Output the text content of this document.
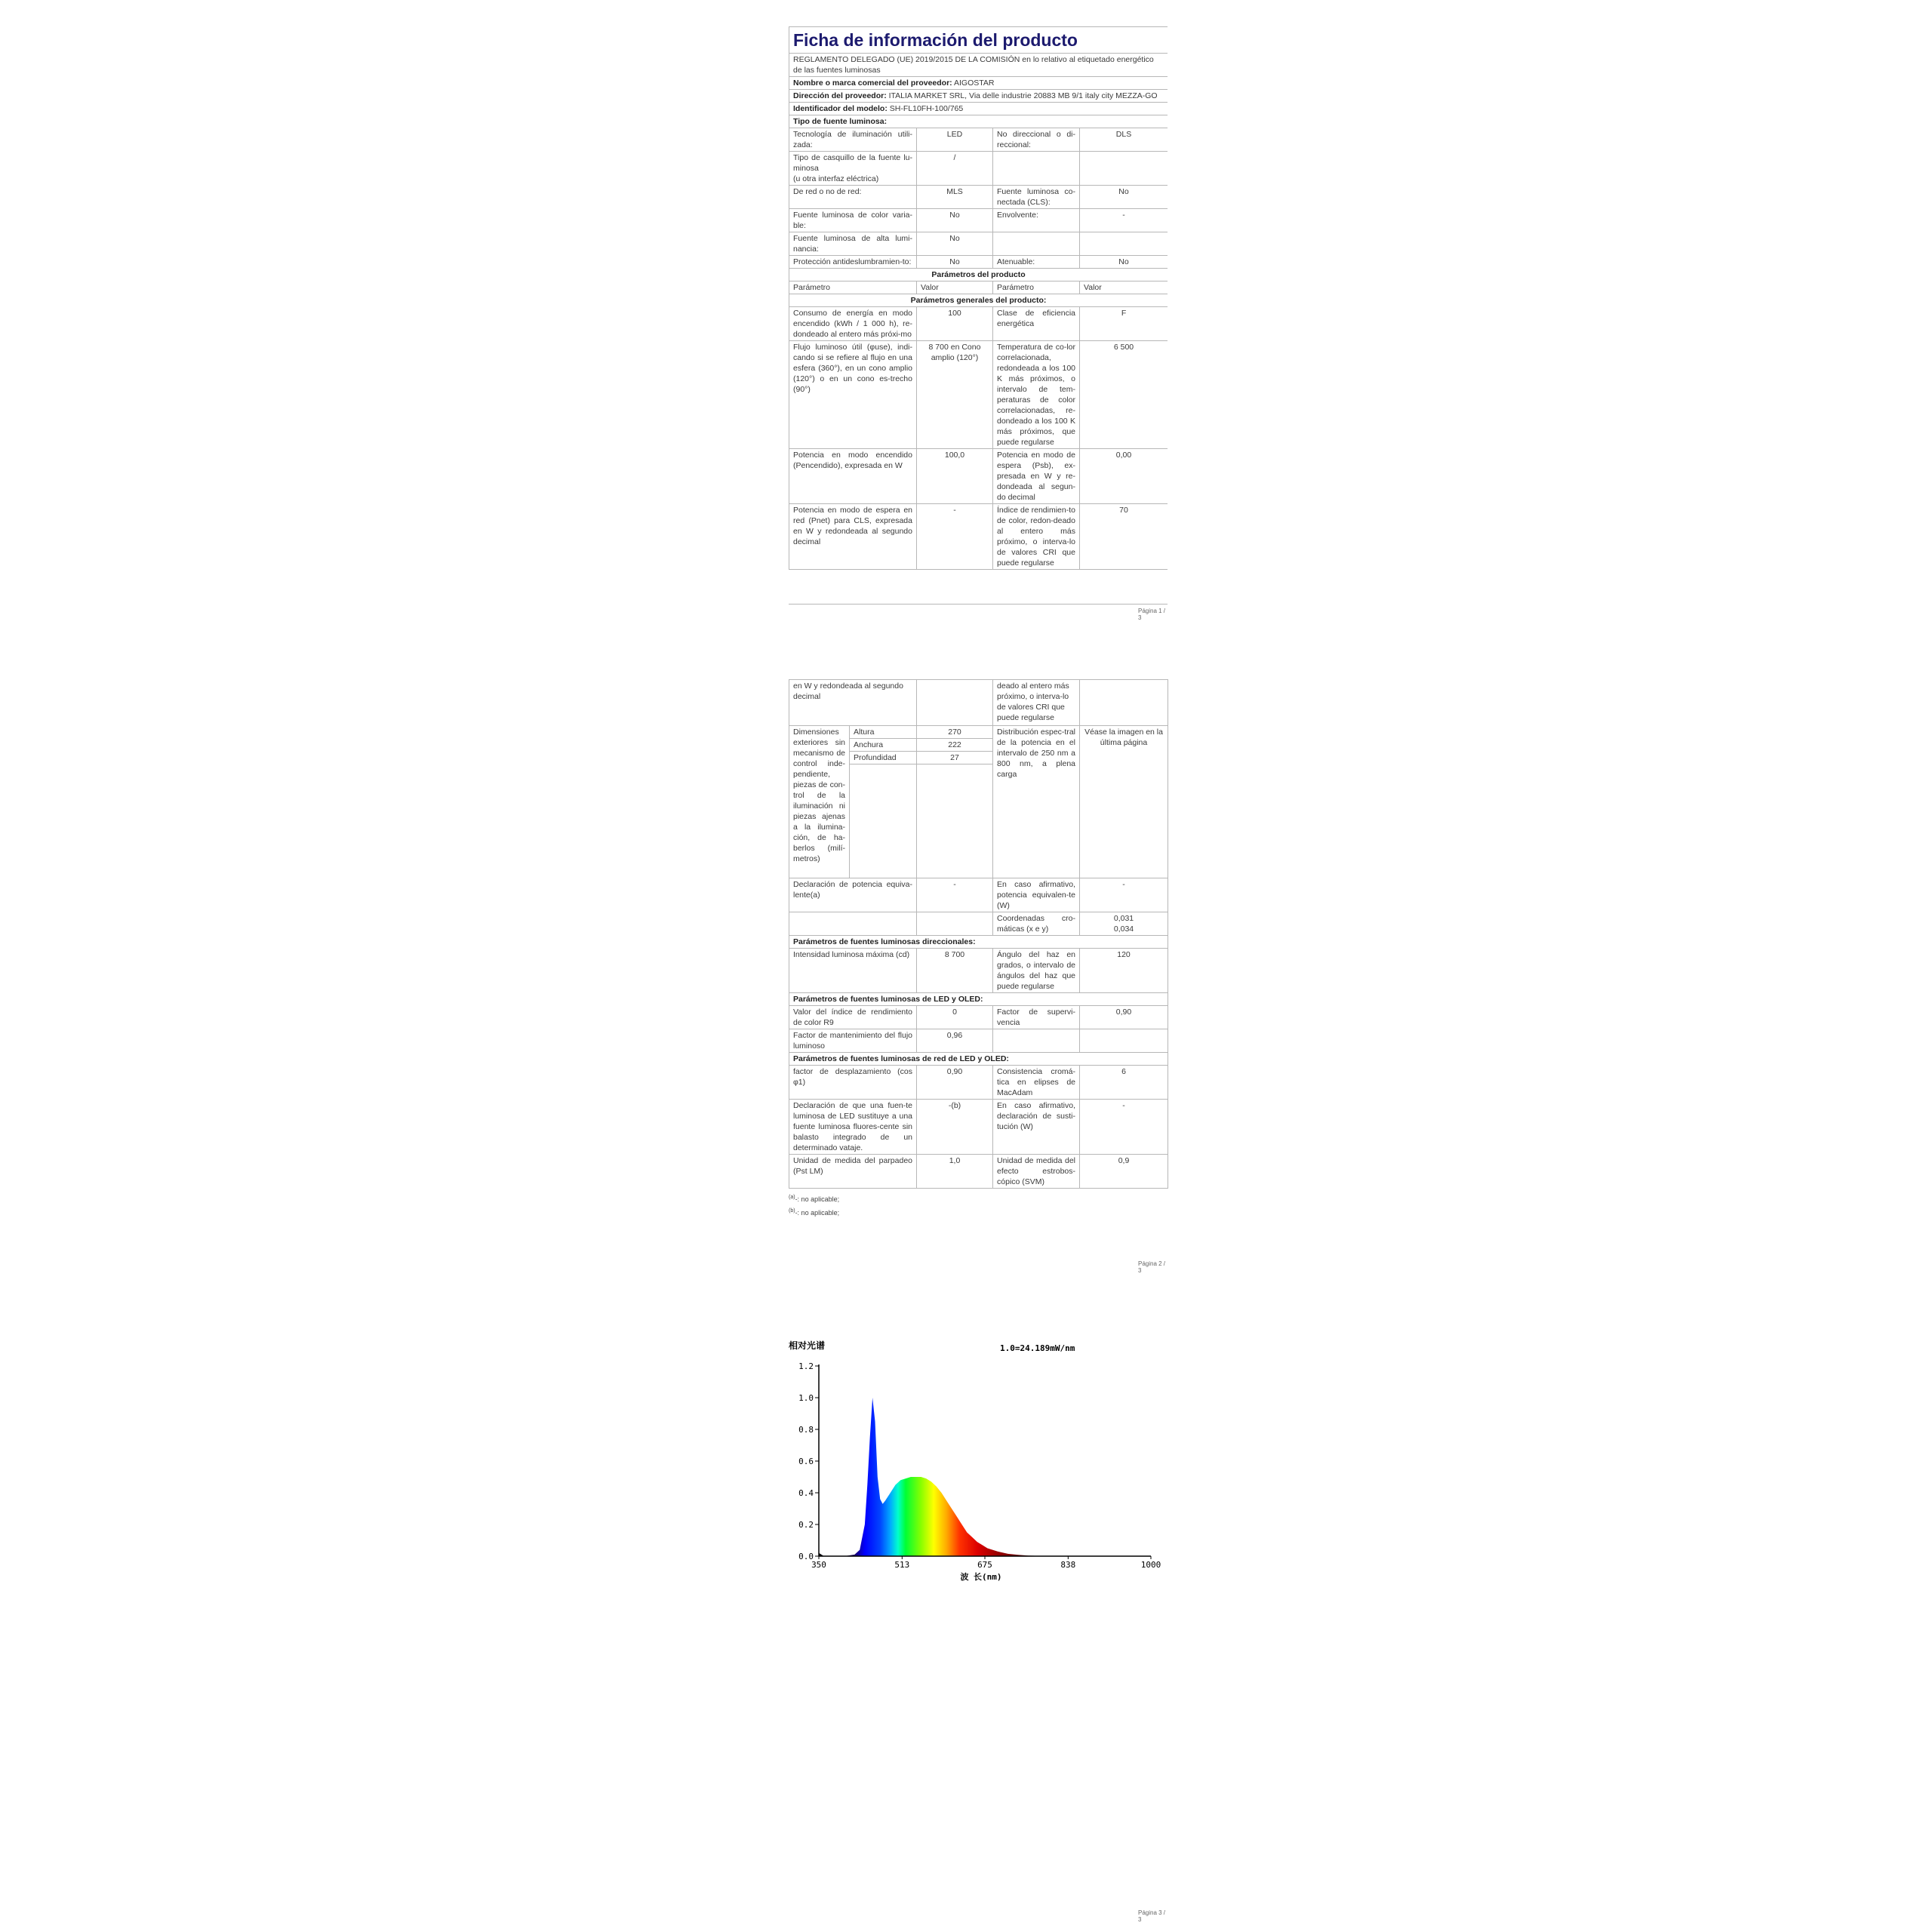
Ficha de información del producto			
REGLAMENTO DELEGADO (UE) 2019/2015 DE LA COMISIÓN en lo relativo al etiquetado energético de las fuentes luminosas			
Nombre o marca comercial del proveedor: AIGOSTAR			
Dirección del proveedor: ITALIA MARKET SRL, Via delle industrie 20883 MB 9/1 italy city MEZZA-GO			
Identificador del modelo: SH-FL10FH-100/765			
Tipo de fuente luminosa:			
Tecnología de iluminación utili-zada:	LED	No direccional o di-reccional:	DLS
Tipo de casquillo de la fuente lu-minosa
(u otra interfaz eléctrica)	/		
De red o no de red:	MLS	Fuente luminosa co-nectada (CLS):	No
Fuente luminosa de color varia-ble:	No	Envolvente:	-
Fuente luminosa de alta lumi-nancia:	No		
Protección antideslumbramien-to:	No	Atenuable:	No
Parámetros del producto			
Parámetro	Valor	Parámetro	Valor
Parámetros generales del producto:			
Consumo de energía en modo encendido (kWh / 1 000 h), re-dondeado al entero más próxi-mo	100	Clase de eficiencia energética	F
Flujo luminoso útil (φuse), indi-cando si se refiere al flujo en una esfera (360°), en un cono amplio (120°) o en un cono es-trecho (90°)	8 700 en Cono amplio (120°)	Temperatura de co-lor correlacionada, redondeada a los 100 K más próximos, o intervalo de tem-peraturas de color correlacionadas, re-dondeado a los 100 K más próximos, que puede regularse	6 500
Potencia en modo encendido (Pencendido), expresada en W	100,0	Potencia en modo de espera (Psb), ex-presada en W y re-dondeada al segun-do decimal	0,00
Potencia en modo de espera en red (Pnet) para CLS, expresada en W y redondeada al segundo decimal	-	Índice de rendimien-to de color, redon-deado al entero más próximo, o interva-lo de valores CRI que puede regularse	70
Página 1 / 3
en W y redondeada al segundo decimal			deado al entero más próximo, o interva-lo de valores CRI que puede regularse	
Dimensiones exteriores sin mecanismo de control inde-pendiente, piezas de con-trol de la iluminación ni piezas ajenas a la ilumina-ción, de ha-berlos (milí-metros)	Altura	270	Distribución espec-tral de la potencia en el intervalo de 250 nm a 800 nm, a plena carga	Véase la imagen en la última página
	Anchura	222		
	Profundidad	27		

Declaración de potencia equiva-lente(a)		-	En caso afirmativo, potencia equivalen-te (W)	-
			Coordenadas cro-máticas (x e y)	0,031
0,034
Parámetros de fuentes luminosas direccionales:				
Intensidad luminosa máxima (cd)		8 700	Ángulo del haz en grados, o intervalo de ángulos del haz que puede regularse	120
Parámetros de fuentes luminosas de LED y OLED:				
Valor del índice de rendimiento de color R9		0	Factor de supervi-vencia	0,90
Factor de mantenimiento del flujo luminoso		0,96		
Parámetros de fuentes luminosas de red de LED y OLED:				
factor de desplazamiento (cos φ1)		0,90	Consistencia cromá-tica en elipses de MacAdam	6
Declaración de que una fuen-te luminosa de LED sustituye a una fuente luminosa fluores-cente sin balasto integrado de un determinado vataje.		-(b)	En caso afirmativo, declaración de susti-tución (W)	-
Unidad de medida del parpadeo (Pst LM)		1,0	Unidad de medida del efecto estrobos-cópico (SVM)	0,9
$^{(a)}$-: no aplicable;
$^{(b)}$-: no aplicable;
Página 2 / 3
0.0
0.2
0.4
0.6
0.8
1.0
1.2
350	513	675	838	1000
相对光谱	1.0=24.189mW/nm
波 长(nm)
Página 3 / 3
